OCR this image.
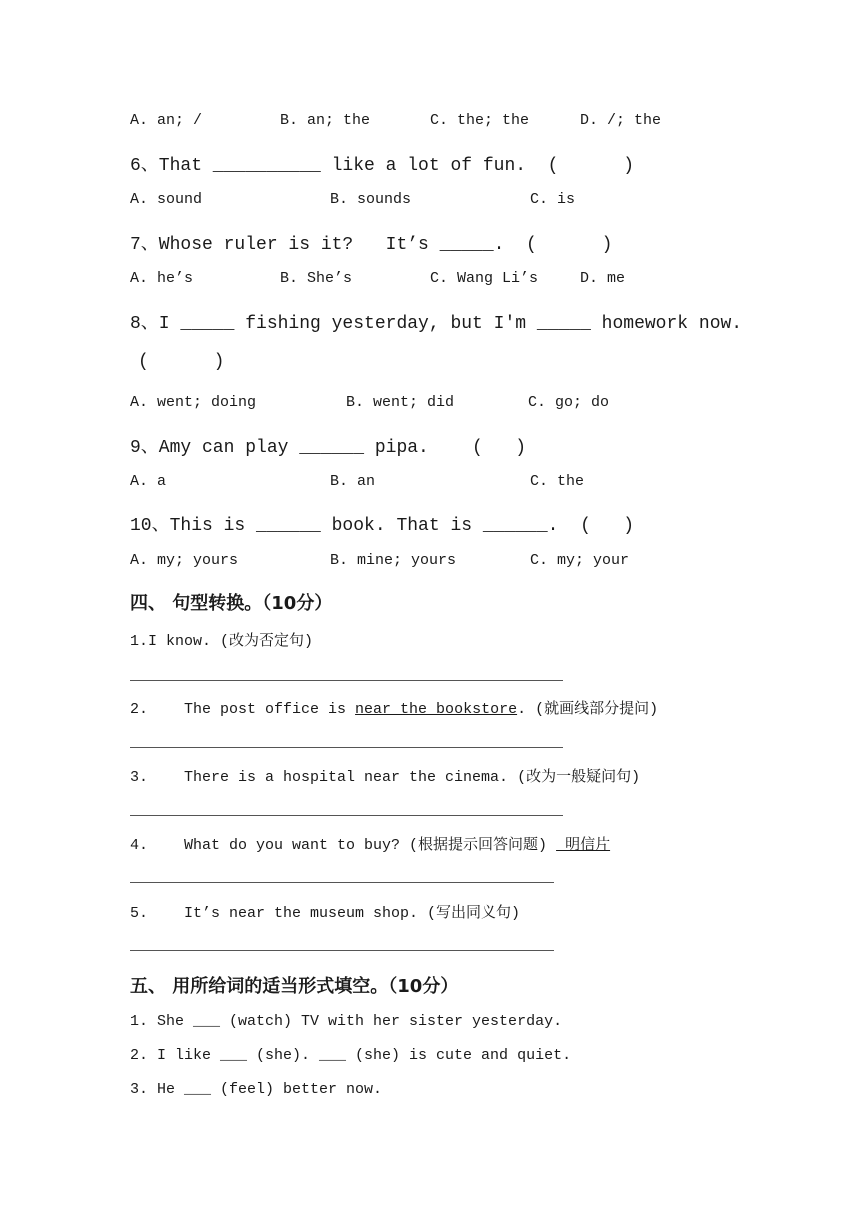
A. an; /	B. an; the	C. the; the	D. /; the
6、That __________ like a lot of fun.  (      )
A. sound	B. sounds	C. is
7、Whose ruler is it?   It’s _____.  (      )
A. he’s	B. She’s	C. Wang Li’s	D. me
8、I _____ fishing yesterday, but I'm _____ homework now.
(      )
A. went; doing	B. went; did	C. go; do
9、Amy can play ______ pipa.    (   )
A. a	B. an	C. the
10、This is ______ book. That is ______.  (   )
A. my; yours	B. mine; yours	C. my; your
四、 句型转换。（10分）
1.I know. (改为否定句)
2.    The post office is near the bookstore. (就画线部分提问)
3.    There is a hospital near the cinema. (改为一般疑问句)
4.    What do you want to buy? (根据提示回答问题)  明信片
5.    It’s near the museum shop. (写出同义句)
五、 用所给词的适当形式填空。（10分）
1. She ___ (watch) TV with her sister yesterday.
2. I like ___ (she). ___ (she) is cute and quiet.
3. He ___ (feel) better now.
